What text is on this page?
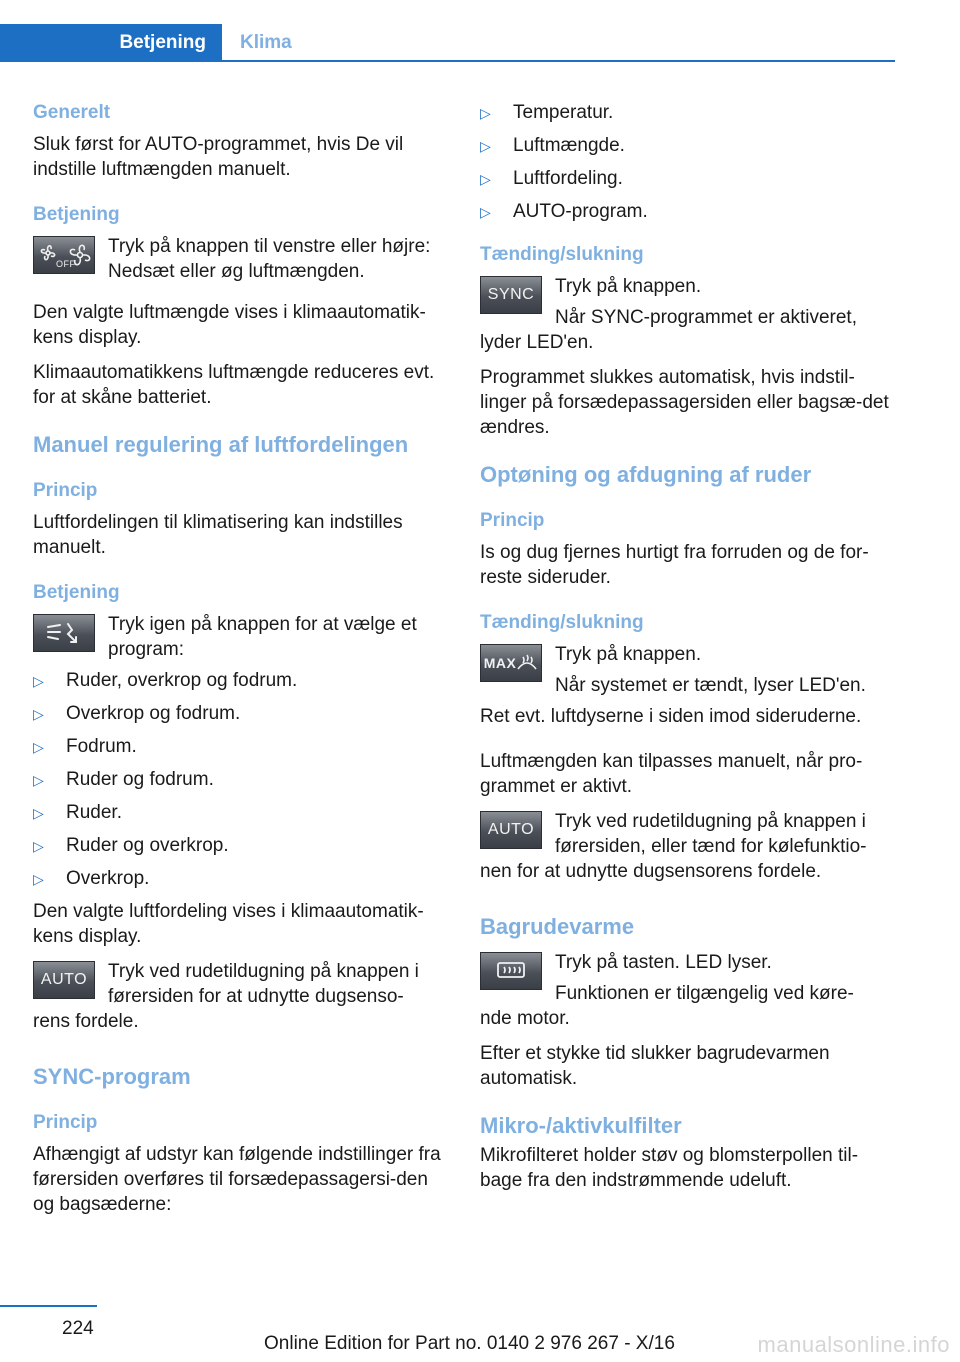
Betjening	Klima
Generelt
Sluk først for AUTO-programmet, hvis De vil indstille luftmængden manuelt.
Betjening
OFF

Tryk på knappen til venstre eller højre: Nedsæt eller øg luftmængden.

Den valgte luftmængde vises i klimaautomatik-kens display.
Klimaautomatikkens luftmængde reduceres evt. for at skåne batteriet.
Manuel regulering af luftfordelingen
Princip
Luftfordelingen til klimatisering kan indstilles manuelt.
Betjening

Tryk igen på knappen for at vælge et program:

▷	Ruder, overkrop og fodrum.
▷	Overkrop og fodrum.
▷	Fodrum.
▷	Ruder og fodrum.
▷	Ruder.
▷	Ruder og overkrop.
▷	Overkrop.
Den valgte luftfordeling vises i klimaautomatik-kens display.
AUTO	Tryk ved rudetildugning på knappen i førersiden for at udnytte dugsenso-

rens fordele.
SYNC-program
Princip
Afhængigt af udstyr kan følgende indstillinger fra førersiden overføres til forsædepassagersi-den og bagsæderne:
▷	Temperatur.
▷	Luftmængde.
▷	Luftfordeling.
▷	AUTO-program.
Tænding/slukning
SYNC	Tryk på knappen.

Når SYNC-programmet er aktiveret,

lyder LED'en.
Programmet slukkes automatisk, hvis indstil-linger på forsædepassagersiden eller bagsæ-det ændres.
Optøning og afdugning af ruder
Princip
Is og dug fjernes hurtigt fra forruden og de for-reste sideruder.
Tænding/slukning
MAX Tryk på knappen.

Når systemet er tændt, lyser LED'en.

Ret evt. luftdyserne i siden imod sideruderne.
Luftmængden kan tilpasses manuelt, når pro-grammet er aktivt.
AUTO	Tryk ved rudetildugning på knappen i førersiden, eller tænd for kølefunktio-

nen for at udnytte dugsensorens fordele.
Bagrudevarme

Tryk på tasten. LED lyser.

Funktionen er tilgængelig ved køre-

nde motor.
Efter et stykke tid slukker bagrudevarmen automatisk.
Mikro-/aktivkulfilter
Mikrofilteret holder støv og blomsterpollen til-bage fra den indstrømmende udeluft.
224
Online Edition for Part no. 0140 2 976 267 - X/16	manualsonline.info
